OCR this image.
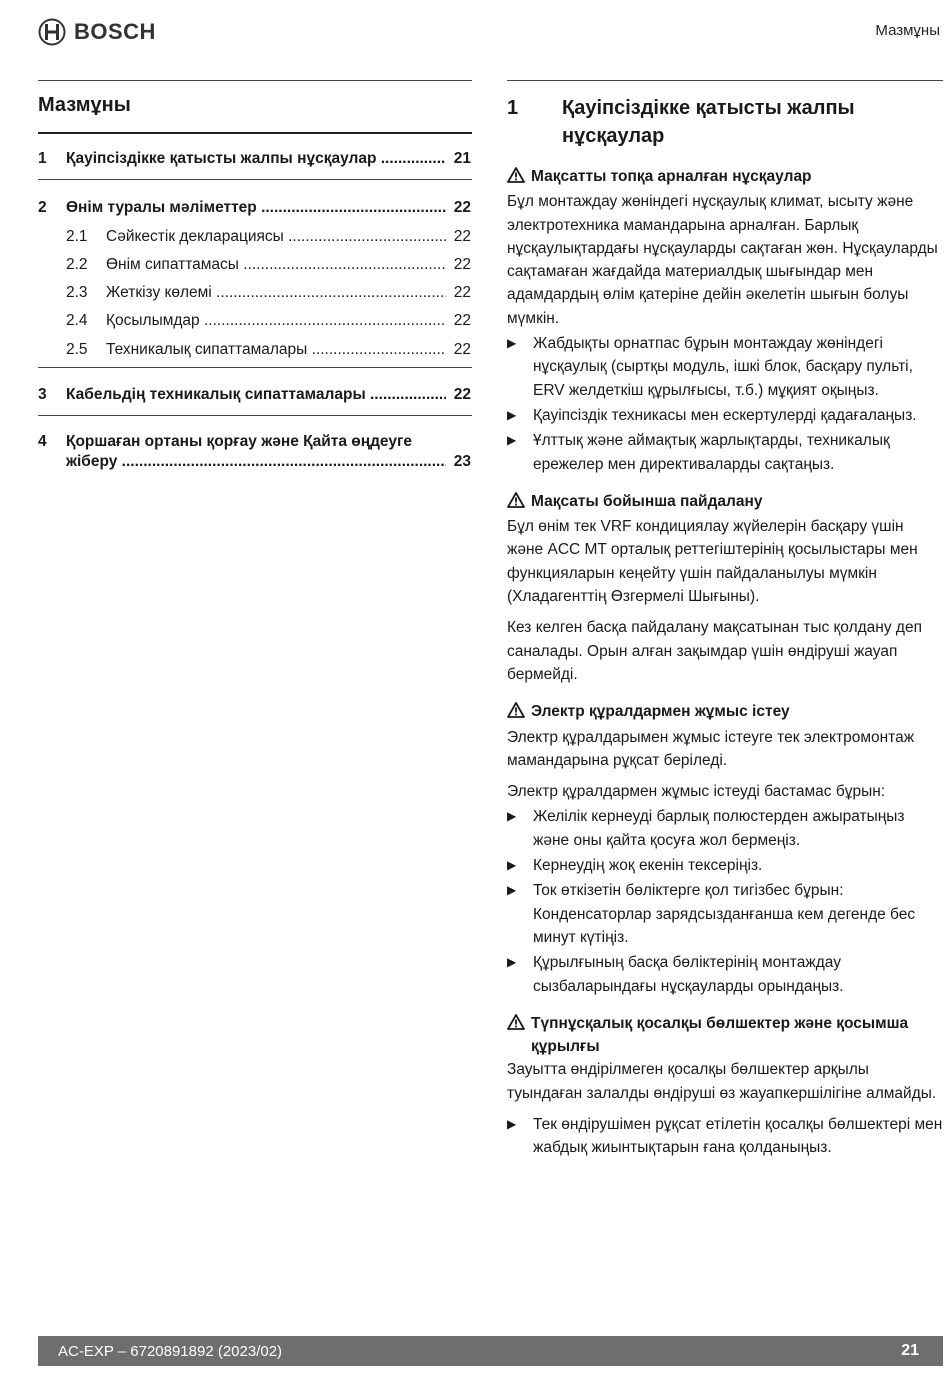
BOSCH	Мазмұны
Мазмұны
1	Қауіпсіздікке қатысты жалпы нұсқаулар .....	21
2	Өнім туралы мәліметтер .....	22
2.1	Сәйкестік декларациясы .....	22
2.2	Өнім сипаттамасы .....	22
2.3	Жеткізу көлемі .....	22
2.4	Қосылымдар .....	22
2.5	Техникалық сипаттамалары .....	22
3	Кабельдің техникалық сипаттамалары .....	22
4	Қоршаған ортаны қорғау және Қайта өңдеуге
жіберу .....	23
1	Қауіпсіздікке қатысты жалпы
нұсқаулар
Мақсатты топқа арналған нұсқаулар

Бұл монтаждау жөніндегі нұсқаулық климат, ысыту және электротехника мамандарына арналған. Барлық нұсқаулықтардағы нұсқауларды сақтаған жөн. Нұсқауларды сақтамаған жағдайда материалдық шығындар мен адамдардың өлім қатеріне дейін әкелетін шығын болуы мүмкін.

▶	Жабдықты орнатпас бұрын монтаждау жөніндегі нұсқаулық (сыртқы модуль, ішкі блок, басқару пульті, ERV желдеткіш құрылғысы, т.б.) мұқият оқыңыз.
▶	Қауіпсіздік техникасы мен ескертулерді қадағалаңыз.
▶	Ұлттық және аймақтық жарлықтарды, техникалық ережелер мен директиваларды сақтаңыз.
Мақсаты бойынша пайдалану

Бұл өнім тек VRF кондициялау жүйелерін басқару үшін және ACC MT орталық реттегіштерінің қосылыстары мен функцияларын кеңейту үшін пайдаланылуы мүмкін (Хладагенттің Өзгермелі Шығыны).

Кез келген басқа пайдалану мақсатынан тыс қолдану деп саналады. Орын алған зақымдар үшін өндіруші жауап бермейді.

Электр құралдармен жұмыс істеу

Электр құралдарымен жұмыс істеуге тек электромонтаж мамандарына рұқсат беріледі.

Электр құралдармен жұмыс істеуді бастамас бұрын:

▶	Желілік кернеуді барлық полюстерден ажыратыңыз және оны қайта қосуға жол бермеңіз.
▶	Кернеудің жоқ екенін тексеріңіз.
▶	Ток өткізетін бөліктерге қол тигізбес бұрын: Конденсаторлар зарядсызданғанша кем дегенде бес минут күтіңіз.
▶	Құрылғының басқа бөліктерінің монтаждау сызбаларындағы нұсқауларды орындаңыз.
Түпнұсқалық қосалқы бөлшектер және қосымша
құрылғы

Зауытта өндірілмеген қосалқы бөлшектер арқылы туындаған залалды өндіруші өз жауапкершілігіне алмайды.

▶	Тек өндірушімен рұқсат етілетін қосалқы бөлшектері мен жабдық жиынтықтарын ғана қолданыңыз.
AC-EXP – 6720891892 (2023/02)	21
